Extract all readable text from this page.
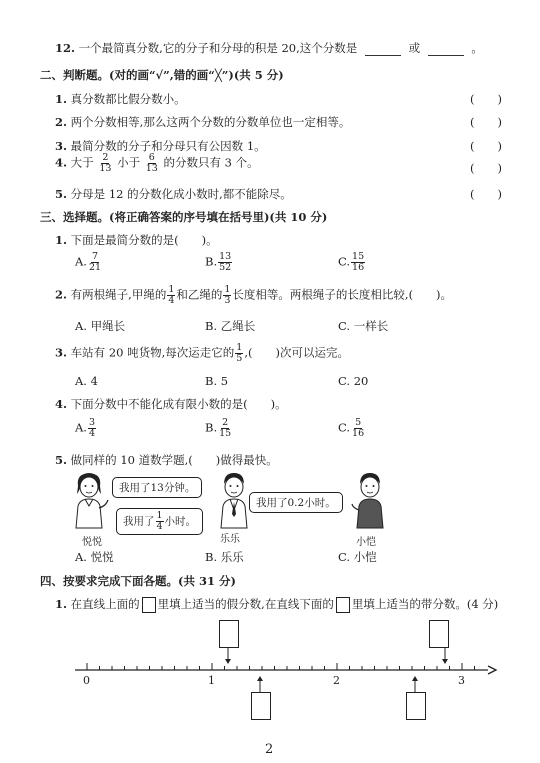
12. 一个最简真分数,它的分子和分母的积是 20,这个分数是	或	。
二、判断题。(对的画“√”,错的画“╳”)(共 5 分)
1. 真分数都比假分数小。	(　　)
2. 两个分数相等,那么这两个分数的分数单位也一定相等。	(　　)
3. 最简分数的分子和分母只有公因数 1。	(　　)
4. 大于 $\frac{2}{13}$ 小于 $\frac{6}{13}$ 的分数只有 3 个。	(　　)
5. 分母是 12 的分数化成小数时,都不能除尽。	(　　)
三、选择题。(将正确答案的序号填在括号里)(共 10 分)
1. 下面是最简分数的是(　　)。
A. $\frac{7}{21}$	B. $\frac{13}{52}$	C. $\frac{15}{16}$
2. 有两根绳子,甲绳的 $\frac{1}{4}$ 和乙绳的 $\frac{1}{3}$ 长度相等。两根绳子的长度相比较,(　　)。
A. 甲绳长	B. 乙绳长	C. 一样长
3. 车站有 20 吨货物,每次运走它的 $\frac{1}{5}$ ,(　　)次可以运完。
A. 4	B. 5	C. 20
4. 下面分数中不能化成有限小数的是(　　)。
A. $\frac{3}{4}$	B. $\frac{2}{15}$	C. $\frac{5}{16}$
5. 做同样的 10 道数学题,(　　)做得最快。
我用了13分钟。
我用了 $\frac{1}{4}$ 小时。
我用了0.2小时。
悦悦	乐乐	小恺
A. 悦悦	B. 乐乐	C. 小恺
四、按要求完成下面各题。(共 31 分)
1. 在直线上面的 里填上适当的假分数,在直线下面的 里填上适当的带分数。(4 分)
0	1	2	3
2
